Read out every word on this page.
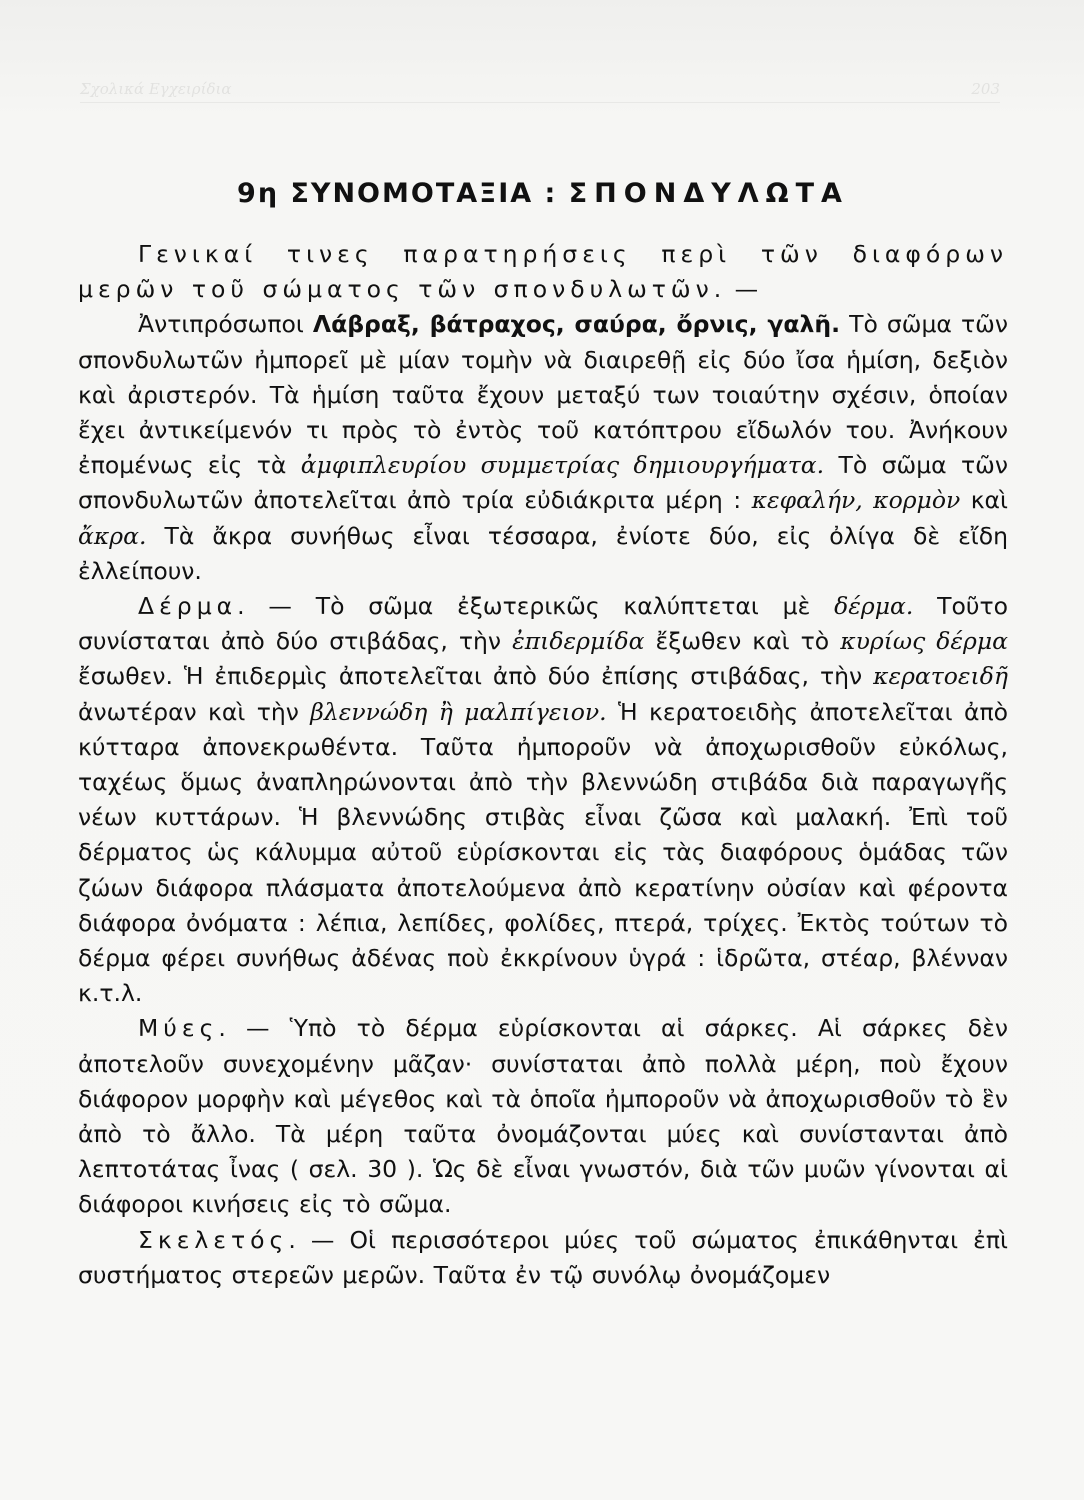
Σχολικά Εγχειρίδια	203
9η ΣΥΝΟΜΟΤΑΞΙΑ : ΣΠΟΝΔΥΛΩΤΑ

Γενικαί τινες παρατηρήσεις περὶ τῶν διαφόρων μερῶν τοῦ σώματος τῶν σπονδυλωτῶν. —

Ἀντιπρόσωποι Λάβραξ, βάτραχος, σαύρα, ὄρνις, γαλῆ. Τὸ σῶμα τῶν σπονδυλωτῶν ἠμπορεῖ μὲ μίαν τομὴν νὰ διαιρεθῇ εἰς δύο ἴσα ἡμίση, δεξιὸν καὶ ἀριστερόν. Τὰ ἡμίση ταῦτα ἔχουν μεταξύ των τοιαύτην σχέσιν, ὁποίαν ἔχει ἀντικείμενόν τι πρὸς τὸ ἐντὸς τοῦ κατόπτρου εἴδωλόν του. Ἀνήκουν ἐπομένως εἰς τὰ ἀμφιπλευρίου συμμετρίας δημιουργήματα. Τὸ σῶμα τῶν σπονδυλωτῶν ἀποτελεῖται ἀπὸ τρία εὐδιάκριτα μέρη : κεφαλήν, κορμὸν καὶ ἄκρα. Τὰ ἄκρα συνήθως εἶναι τέσσαρα, ἐνίοτε δύο, εἰς ὀλίγα δὲ εἴδη ἐλλείπουν.

Δέρμα. — Τὸ σῶμα ἐξωτερικῶς καλύπτεται μὲ δέρμα. Τοῦτο συνίσταται ἀπὸ δύο στιβάδας, τὴν ἐπιδερμίδα ἔξωθεν καὶ τὸ κυρίως δέρμα ἔσωθεν. Ἡ ἐπιδερμὶς ἀποτελεῖται ἀπὸ δύο ἐπίσης στιβάδας, τὴν κερατοειδῆ ἀνωτέραν καὶ τὴν βλεννώδη ἢ μαλπίγειον. Ἡ κερατοειδὴς ἀποτελεῖται ἀπὸ κύτταρα ἀπονεκρωθέντα. Ταῦτα ἠμποροῦν νὰ ἀποχωρισθοῦν εὐκόλως, ταχέως ὅμως ἀναπληρώνονται ἀπὸ τὴν βλεννώδη στιβάδα διὰ παραγωγῆς νέων κυττάρων. Ἡ βλεννώδης στιβὰς εἶναι ζῶσα καὶ μαλακή. Ἐπὶ τοῦ δέρματος ὡς κάλυμμα αὐτοῦ εὑρίσκονται εἰς τὰς διαφόρους ὁμάδας τῶν ζώων διάφορα πλάσματα ἀποτελούμενα ἀπὸ κερατίνην οὐσίαν καὶ φέροντα διάφορα ὀνόματα : λέπια, λεπίδες, φολίδες, πτερά, τρίχες. Ἐκτὸς τούτων τὸ δέρμα φέρει συνήθως ἀδένας ποὺ ἐκκρίνουν ὑγρά : ἱδρῶτα, στέαρ, βλένναν κ.τ.λ.

Μύες. — Ὑπὸ τὸ δέρμα εὑρίσκονται αἱ σάρκες. Αἱ σάρκες δὲν ἀποτελοῦν συνεχομένην μᾶζαν· συνίσταται ἀπὸ πολλὰ μέρη, ποὺ ἔχουν διάφορον μορφὴν καὶ μέγεθος καὶ τὰ ὁποῖα ἠμποροῦν νὰ ἀποχωρισθοῦν τὸ ἓν ἀπὸ τὸ ἄλλο. Τὰ μέρη ταῦτα ὀνομάζονται μύες καὶ συνίστανται ἀπὸ λεπτοτάτας ἶνας ( σελ. 30 ). Ὡς δὲ εἶναι γνωστόν, διὰ τῶν μυῶν γίνονται αἱ διάφοροι κινήσεις εἰς τὸ σῶμα.

Σκελετός. — Οἱ περισσότεροι μύες τοῦ σώματος ἐπικάθηνται ἐπὶ συστήματος στερεῶν μερῶν. Ταῦτα ἐν τῷ συνόλῳ ὀνομάζομεν
